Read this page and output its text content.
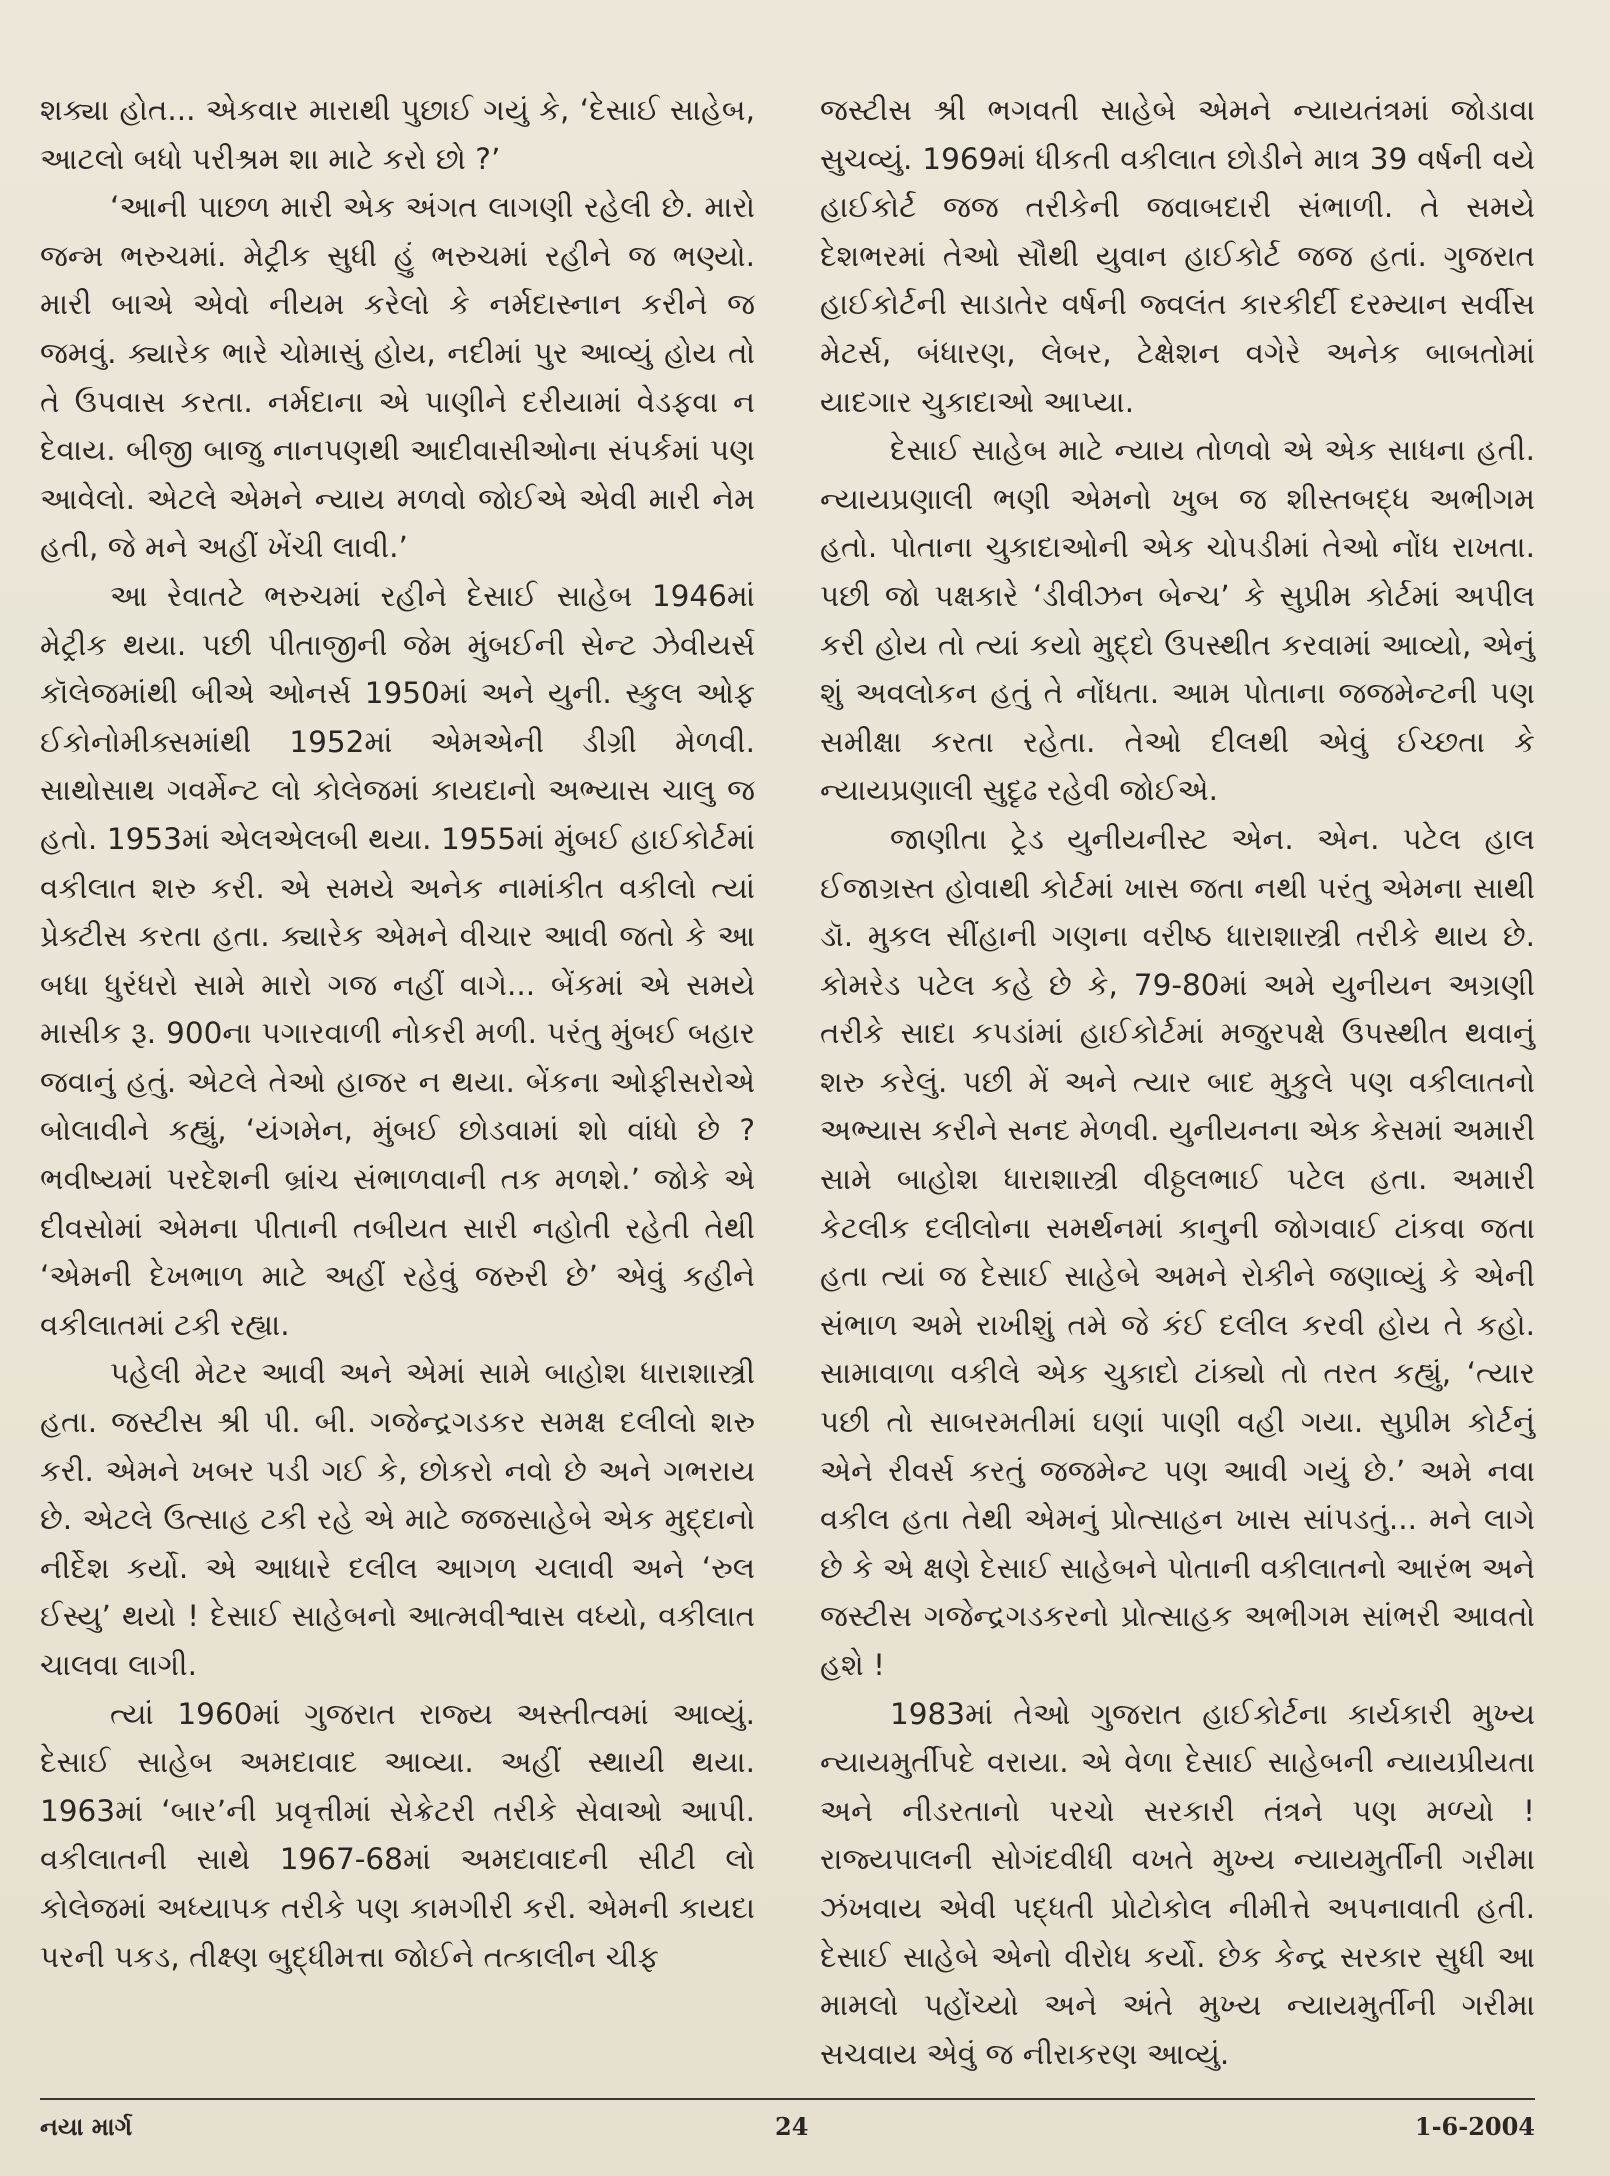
શક્યા હોત... એકવાર મારાથી પુછાઈ ગયું કે, ‘દેસાઈ સાહેબ, આટલો બધો પરીશ્રમ શા માટે કરો છો ?’

‘આની પાછળ મારી એક અંગત લાગણી રહેલી છે. મારો જન્મ ભરુચમાં. મેટ્રીક સુધી હું ભરુચમાં રહીને જ ભણ્યો. મારી બાએ એવો નીયમ કરેલો કે નર્મદાસ્નાન કરીને જ જમવું. ક્યારેક ભારે ચોમાસું હોય, નદીમાં પુર આવ્યું હોય તો તે ઉપવાસ કરતા. નર્મદાના એ પાણીને દરીયામાં વેડફવા ન દેવાય. બીજી બાજુ નાનપણથી આદીવાસીઓના સંપર્કમાં પણ આવેલો. એટલે એમને ન્યાય મળવો જોઈએ એવી મારી નેમ હતી, જે મને અહીં ખેંચી લાવી.’

આ રેવાતટે ભરુચમાં રહીને દેસાઈ સાહેબ 1946માં મેટ્રીક થયા. પછી પીતાજીની જેમ મુંબઈની સેન્ટ ઝેવીયર્સ કૉલેજમાંથી બીએ ઓનર્સ 1950માં અને યુની. સ્કુલ ઓફ ઈકોનોમીક્સમાંથી 1952માં એમએની ડીગ્રી મેળવી. સાથોસાથ ગવર્મેન્ટ લો કોલેજમાં કાયદાનો અભ્યાસ ચાલુ જ હતો. 1953માં એલએલબી થયા. 1955માં મુંબઈ હાઈકોર્ટમાં વકીલાત શરુ કરી. એ સમયે અનેક નામાંકીત વકીલો ત્યાં પ્રેક્ટીસ કરતા હતા. ક્યારેક એમને વીચાર આવી જતો કે આ બધા ધુરંધરો સામે મારો ગજ નહીં વાગે... બેંકમાં એ સમયે માસીક રૂ. 900ના પગારવાળી નોકરી મળી. પરંતુ મુંબઈ બહાર જવાનું હતું. એટલે તેઓ હાજર ન થયા. બેંકના ઓફીસરોએ બોલાવીને કહ્યું, ‘યંગમેન, મુંબઈ છોડવામાં શો વાંધો છે ? ભવીષ્યમાં પરદેશની બ્રાંચ સંભાળવાની તક મળશે.’ જોકે એ દીવસોમાં એમના પીતાની તબીયત સારી નહોતી રહેતી તેથી ‘એમની દેખભાળ માટે અહીં રહેવું જરુરી છે’ એવું કહીને વકીલાતમાં ટકી રહ્યા.

પહેલી મેટર આવી અને એમાં સામે બાહોશ ધારાશાસ્ત્રી હતા. જસ્ટીસ શ્રી પી. બી. ગજેન્દ્રગડકર સમક્ષ દલીલો શરુ કરી. એમને ખબર પડી ગઈ કે, છોકરો નવો છે અને ગભરાય છે. એટલે ઉત્સાહ ટકી રહે એ માટે જજસાહેબે એક મુદ્દાનો નીર્દેશ કર્યો. એ આધારે દલીલ આગળ ચલાવી અને ‘રુલ ઈસ્યુ’ થયો ! દેસાઈ સાહેબનો આત્મવીશ્વાસ વધ્યો, વકીલાત ચાલવા લાગી.

ત્યાં 1960માં ગુજરાત રાજ્ય અસ્તીત્વમાં આવ્યું. દેસાઈ સાહેબ અમદાવાદ આવ્યા. અહીં સ્થાયી થયા. 1963માં ‘બાર’ની પ્રવૃત્તીમાં સેક્રેટરી તરીકે સેવાઓ આપી. વકીલાતની સાથે 1967-68માં અમદાવાદની સીટી લો કોલેજમાં અધ્યાપક તરીકે પણ કામગીરી કરી. એમની કાયદા પરની પકડ, તીક્ષ્ણ બુદ્ધીમત્તા જોઈને તત્કાલીન ચીફ

જસ્ટીસ શ્રી ભગવતી સાહેબે એમને ન્યાયતંત્રમાં જોડાવા સુચવ્યું. 1969માં ધીકતી વકીલાત છોડીને માત્ર 39 વર્ષની વયે હાઈકોર્ટ જજ તરીકેની જવાબદારી સંભાળી. તે સમયે દેશભરમાં તેઓ સૌથી યુવાન હાઈકોર્ટ જજ હતાં. ગુજરાત હાઈકોર્ટની સાડાતેર વર્ષની જ્વલંત કારકીર્દી દરમ્યાન સર્વીસ મેટર્સ, બંધારણ, લેબર, ટેક્ષેશન વગેરે અનેક બાબતોમાં યાદગાર ચુકાદાઓ આપ્યા.

દેસાઈ સાહેબ માટે ન્યાય તોળવો એ એક સાધના હતી. ન્યાયપ્રણાલી ભણી એમનો ખુબ જ શીસ્તબદ્ધ અભીગમ હતો. પોતાના ચુકાદાઓની એક ચોપડીમાં તેઓ નોંધ રાખતા. પછી જો પક્ષકારે ‘ડીવીઝન બેન્ચ’ કે સુપ્રીમ કોર્ટમાં અપીલ કરી હોય તો ત્યાં કયો મુદ્દો ઉપસ્થીત કરવામાં આવ્યો, એનું શું અવલોકન હતું તે નોંધતા. આમ પોતાના જજમેન્ટની પણ સમીક્ષા કરતા રહેતા. તેઓ દીલથી એવું ઈચ્છતા કે ન્યાયપ્રણાલી સુદૃઢ રહેવી જોઈએ.

જાણીતા ટ્રેડ યુનીયનીસ્ટ એન. એન. પટેલ હાલ ઈજાગ્રસ્ત હોવાથી કોર્ટમાં ખાસ જતા નથી પરંતુ એમના સાથી ડૉ. મુકલ સીંહાની ગણના વરીષ્ઠ ધારાશાસ્ત્રી તરીકે થાય છે. કોમરેડ પટેલ કહે છે કે, 79-80માં અમે યુનીયન અગ્રણી તરીકે સાદા કપડાંમાં હાઈકોર્ટમાં મજુરપક્ષે ઉપસ્થીત થવાનું શરુ કરેલું. પછી મેં અને ત્યાર બાદ મુકુલે પણ વકીલાતનો અભ્યાસ કરીને સનદ મેળવી. યુનીયનના એક કેસમાં અમારી સામે બાહોશ ધારાશાસ્ત્રી વીઠ્ઠલભાઈ પટેલ હતા. અમારી કેટલીક દલીલોના સમર્થનમાં કાનુની જોગવાઈ ટાંકવા જતા હતા ત્યાં જ દેસાઈ સાહેબે અમને રોકીને જણાવ્યું કે એની સંભાળ અમે રાખીશું તમે જે કંઈ દલીલ કરવી હોય તે કહો. સામાવાળા વકીલે એક ચુકાદો ટાંક્યો તો તરત કહ્યું, ‘ત્યાર પછી તો સાબરમતીમાં ઘણાં પાણી વહી ગયા. સુપ્રીમ કોર્ટનું એને રીવર્સ કરતું જજમેન્ટ પણ આવી ગયું છે.’ અમે નવા વકીલ હતા તેથી એમનું પ્રોત્સાહન ખાસ સાંપડતું... મને લાગે છે કે એ ક્ષણે દેસાઈ સાહેબને પોતાની વકીલાતનો આરંભ અને જસ્ટીસ ગજેન્દ્રગડકરનો પ્રોત્સાહક અભીગમ સાંભરી આવતો હશે !

1983માં તેઓ ગુજરાત હાઈકોર્ટના કાર્યકારી મુખ્ય ન્યાયમુર્તીપદે વરાયા. એ વેળા દેસાઈ સાહેબની ન્યાયપ્રીયતા અને નીડરતાનો પરચો સરકારી તંત્રને પણ મળ્યો ! રાજ્યપાલની સોગંદવીધી વખતે મુખ્ય ન્યાયમુર્તીની ગરીમા ઝંખવાય એવી પદ્ધતી પ્રોટોકોલ નીમીત્તે અપનાવાતી હતી. દેસાઈ સાહેબે એનો વીરોધ કર્યો. છેક કેન્દ્ર સરકાર સુધી આ મામલો પહોંચ્યો અને અંતે મુખ્ય ન્યાયમુર્તીની ગરીમા સચવાય એવું જ નીરાકરણ આવ્યું.

નયા માર્ગ	24	1-6-2004
